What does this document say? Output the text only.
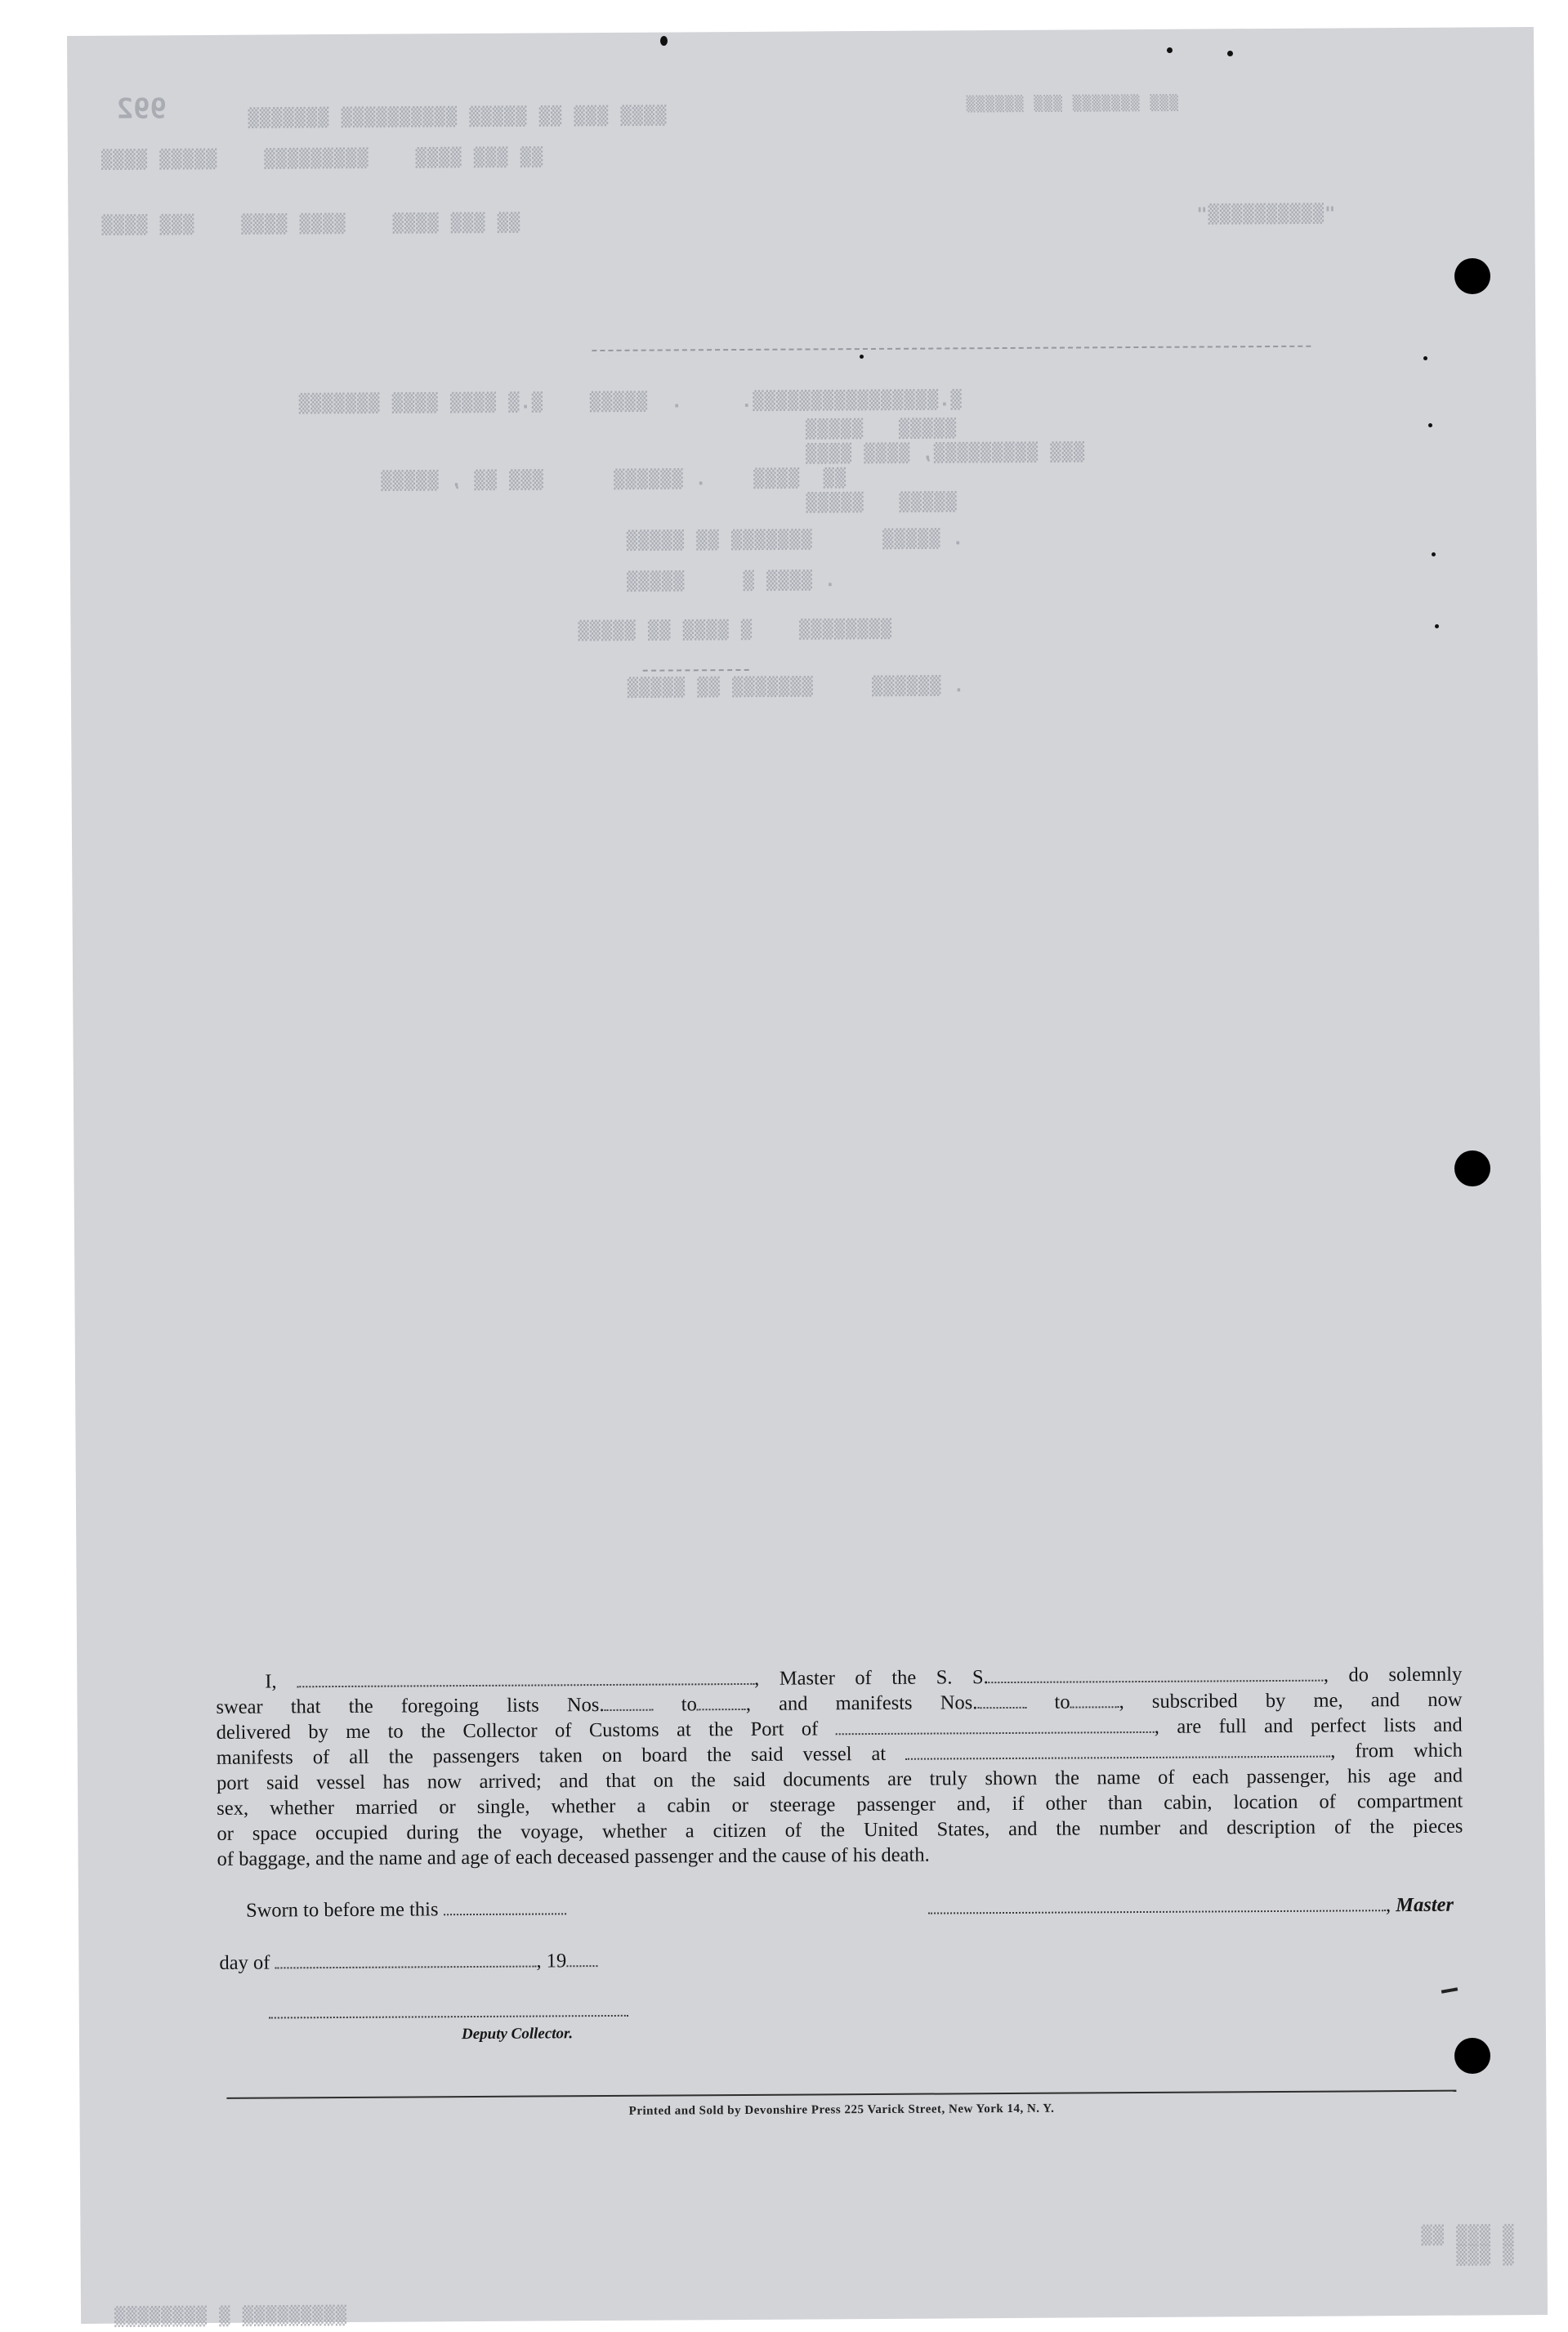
992	▒▒▒▒ ▒▒▒ ▒▒ ▒▒▒▒▒ ▒▒▒▒▒▒▒▒▒▒ ▒▒▒▒▒▒▒
▒▒ ▒▒▒ ▒▒▒▒    ▒▒▒▒▒▒▒▒▒    ▒▒▒▒▒ ▒▒▒▒
▒▒ ▒▒▒ ▒▒▒▒    ▒▒▒▒ ▒▒▒▒    ▒▒▒ ▒▒▒▒	"▒▒▒▒▒▒▒▒▒▒"
▒▒▒▒▒▒ ▒▒▒ ▒▒▒▒▒▒▒ ▒▒▒
▒.▒▒▒▒▒▒▒▒▒▒▒▒▒▒▒▒.     .  ▒▒▒▒▒    ▒.▒ ▒▒▒▒ ▒▒▒▒ ▒▒▒▒▒▒▒
▒▒▒▒▒   ▒▒▒▒▒
▒▒▒ ▒▒▒▒▒▒▒▒▒, ▒▒▒▒ ▒▒▒▒
▒▒  ▒▒▒▒    . ▒▒▒▒▒▒      ▒▒▒ ▒▒ , ▒▒▒▒▒
▒▒▒▒▒   ▒▒▒▒▒
. ▒▒▒▒▒      ▒▒▒▒▒▒▒ ▒▒ ▒▒▒▒▒
. ▒▒▒▒ ▒     ▒▒▒▒▒
▒▒▒▒▒▒▒▒    ▒ ▒▒▒▒ ▒▒ ▒▒▒▒▒
. ▒▒▒▒▒▒     ▒▒▒▒▒▒▒ ▒▒ ▒▒▒▒▒
I,	, Master of the S. S.	, do solemnly
swear that the foregoing lists Nos.	to , and manifests Nos.	to , subscribed by me, and now
delivered by me to the Collector of Customs at the Port of	, are full and perfect lists and
manifests of all the passengers taken on board the said vessel at	, from which
port said vessel has now arrived; and that on the said documents are truly shown the name of each passenger, his age and
sex, whether married or single, whether a cabin or steerage passenger and, if other than cabin, location of compartment
or space occupied during the voyage, whether a citizen of the United States, and the number and description of the pieces
of baggage, and the name and age of each deceased passenger and the cause of his death.
Sworn to before me this	, Master
day of	, 19
Deputy Collector.
Printed and Sold by Devonshire Press 225 Varick Street, New York 14, N. Y.
▒ ▒▒▒ ▒▒
▒ ▒▒▒
▒▒▒▒▒▒▒▒▒ ▒ ▒▒▒▒▒▒▒▒
